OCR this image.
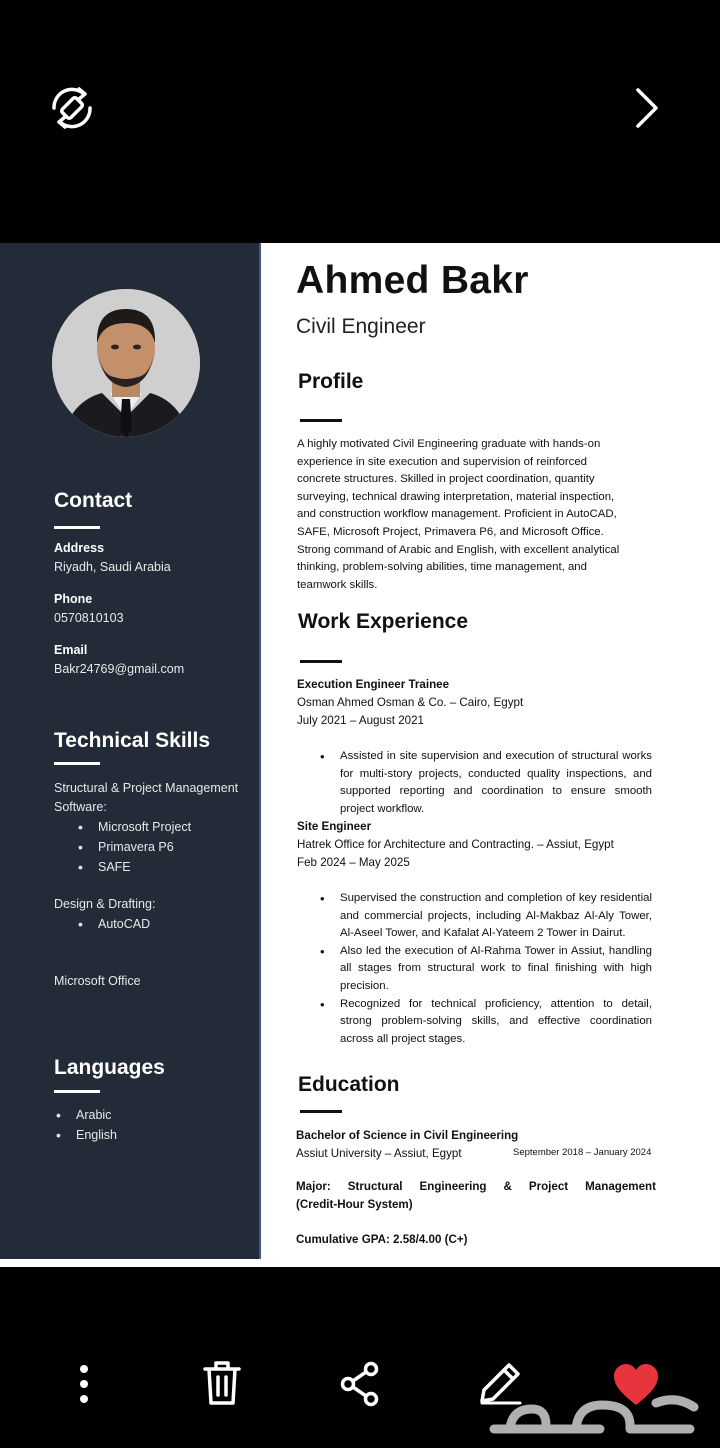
Contact
Address
Riyadh, Saudi Arabia
Phone
0570810103
Email
Bakr24769@gmail.com
Technical Skills
Structural & Project Management
Software:
• Microsoft Project
• Primavera P6
• SAFE
Design & Drafting:
• AutoCAD
Microsoft Office
Languages
• Arabic
• English
Ahmed Bakr
Civil Engineer
Profile
A highly motivated Civil Engineering graduate with hands-on
experience in site execution and supervision of reinforced
concrete structures. Skilled in project coordination, quantity
surveying, technical drawing interpretation, material inspection,
and construction workflow management. Proficient in AutoCAD,
SAFE, Microsoft Project, Primavera P6, and Microsoft Office.
Strong command of Arabic and English, with excellent analytical
thinking, problem-solving abilities, time management, and
teamwork skills.
Work Experience
Execution Engineer Trainee
Osman Ahmed Osman & Co. – Cairo, Egypt
July 2021 – August 2021
• Assisted in site supervision and execution of structural works for multi-story projects, conducted quality inspections, and supported reporting and coordination to ensure smooth project workflow.
Site Engineer
Hatrek Office for Architecture and Contracting. – Assiut, Egypt
Feb 2024 – May 2025
• Supervised the construction and completion of key residential and commercial projects, including Al-Makbaz Al-Aly Tower, Al-Aseel Tower, and Kafalat Al-Yateem 2 Tower in Dairut.
• Also led the execution of Al-Rahma Tower in Assiut, handling all stages from structural work to final finishing with high precision.
• Recognized for technical proficiency, attention to detail, strong problem-solving skills, and effective coordination across all project stages.
Education
Bachelor of Science in Civil Engineering
Assiut University – Assiut, Egypt	September 2018 – January 2024
Major: Structural Engineering & Project Management
(Credit-Hour System)
Cumulative GPA: 2.58/4.00 (C+)
